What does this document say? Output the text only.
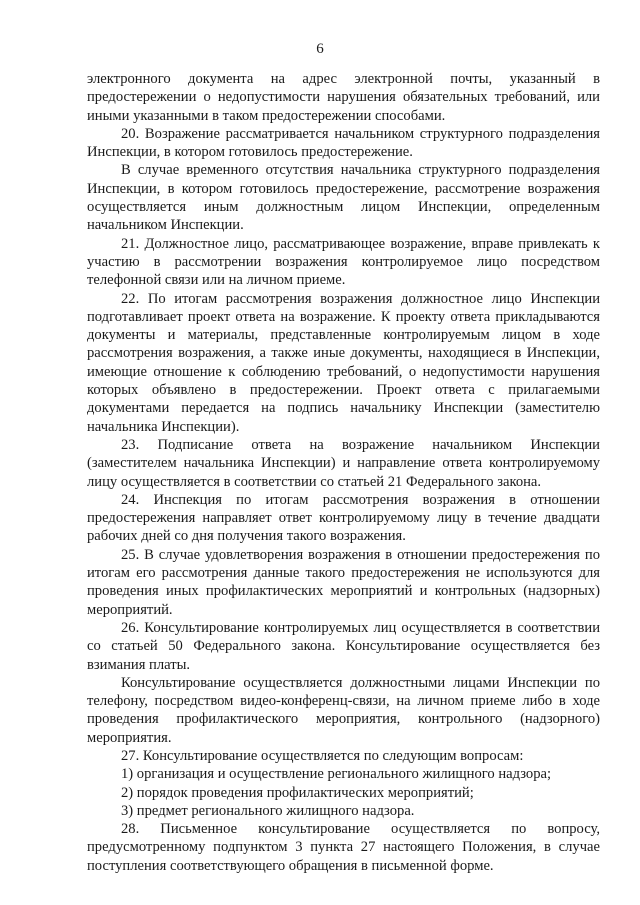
6

электронного документа на адрес электронной почты, указанный в предостережении о недопустимости нарушения обязательных требований, или иными указанными в таком предостережении способами.

20. Возражение рассматривается начальником структурного подразделения Инспекции, в котором готовилось предостережение.

В случае временного отсутствия начальника структурного подразделения Инспекции, в котором готовилось предостережение, рассмотрение возражения осуществляется иным должностным лицом Инспекции, определенным начальником Инспекции.

21. Должностное лицо, рассматривающее возражение, вправе привлекать к участию в рассмотрении возражения контролируемое лицо посредством телефонной связи или на личном приеме.

22. По итогам рассмотрения возражения должностное лицо Инспекции подготавливает проект ответа на возражение. К проекту ответа прикладываются документы и материалы, представленные контролируемым лицом в ходе рассмотрения возражения, а также иные документы, находящиеся в Инспекции, имеющие отношение к соблюдению требований, о недопустимости нарушения которых объявлено в предостережении. Проект ответа с прилагаемыми документами передается на подпись начальнику Инспекции (заместителю начальника Инспекции).

23. Подписание ответа на возражение начальником Инспекции (заместителем начальника Инспекции) и направление ответа контролируемому лицу осуществляется в соответствии со статьей 21 Федерального закона.

24. Инспекция по итогам рассмотрения возражения в отношении предостережения направляет ответ контролируемому лицу в течение двадцати рабочих дней со дня получения такого возражения.

25. В случае удовлетворения возражения в отношении предостережения по итогам его рассмотрения данные такого предостережения не используются для проведения иных профилактических мероприятий и контрольных (надзорных) мероприятий.

26. Консультирование контролируемых лиц осуществляется в соответствии со статьей 50 Федерального закона. Консультирование осуществляется без взимания платы.

Консультирование осуществляется должностными лицами Инспекции по телефону, посредством видео-конференц-связи, на личном приеме либо в ходе проведения профилактического мероприятия, контрольного (надзорного) мероприятия.

27. Консультирование осуществляется по следующим вопросам:

1) организация и осуществление регионального жилищного надзора;

2) порядок проведения профилактических мероприятий;

3) предмет регионального жилищного надзора.

28. Письменное консультирование осуществляется по вопросу, предусмотренному подпунктом 3 пункта 27 настоящего Положения, в случае поступления соответствующего обращения в письменной форме.
